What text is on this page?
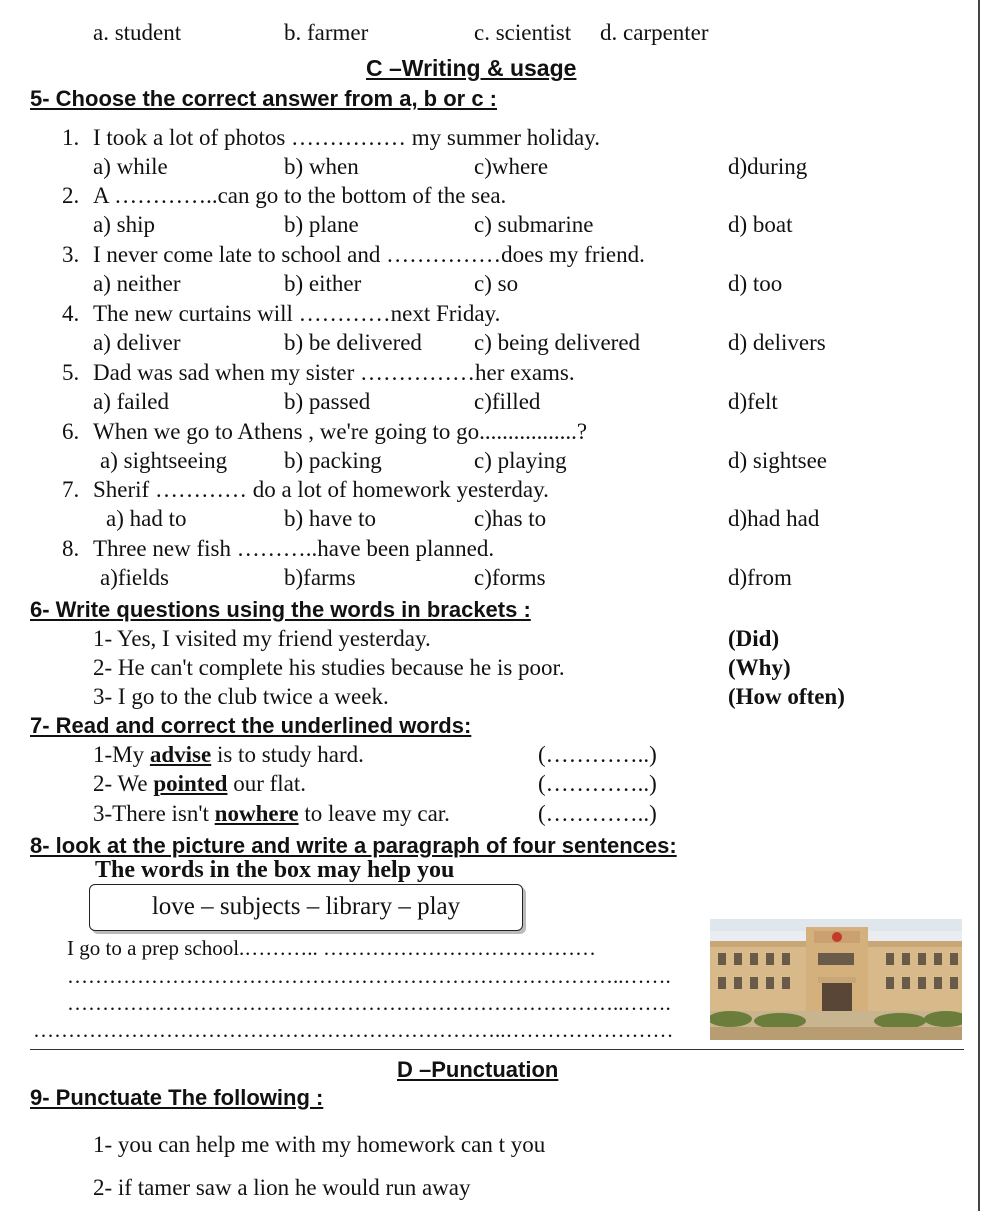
a. student	b. farmer	c. scientist d. carpenter
C –Writing & usage
5- Choose the correct answer from a, b or c :
1. I took a lot of photos …………… my summer holiday.
a) while	b) when	c)where	d)during
2. A …………..can go to the bottom of the sea.
a) ship	b) plane	c) submarine	d) boat
3. I never come late to school and ……………does my friend.
a) neither	b) either	c) so	d) too
4. The new curtains will …………next Friday.
a) deliver	b) be delivered c) being delivered	d) delivers
5. Dad was sad when my sister ……………her exams.
a) failed	b) passed	c)filled	d)felt
6. When we go to Athens , we're going to go.................?
a) sightseeing b) packing	c) playing	d) sightsee
7. Sherif ………… do a lot of homework yesterday.
a) had to	b) have to	c)has to	d)had had
8. Three new fish ………..have been planned.
a)fields	b)farms	c)forms	d)from
6- Write questions using the words in brackets :
1- Yes, I visited my friend yesterday.	(Did)
2- He can't complete his studies because he is poor.	(Why)
3- I go to the club twice a week.	(How often)
7- Read and correct the underlined words:
1-My advise is to study hard.	(…………..)
2- We pointed our flat.	(…………..)
3-There isn't nowhere to leave my car.	(…………..)
8- look at the picture and write a paragraph of four sentences:
The words in the box may help you
love – subjects – library – play
I go to a prep school.……….. …………………………………
……………………………………………………………………..…….
……………………………………………………………………..…….
…………………………………………………………..……………………
D –Punctuation
9- Punctuate The following :
1- you can help me with my homework can t you
2- if tamer saw a lion he would run away
